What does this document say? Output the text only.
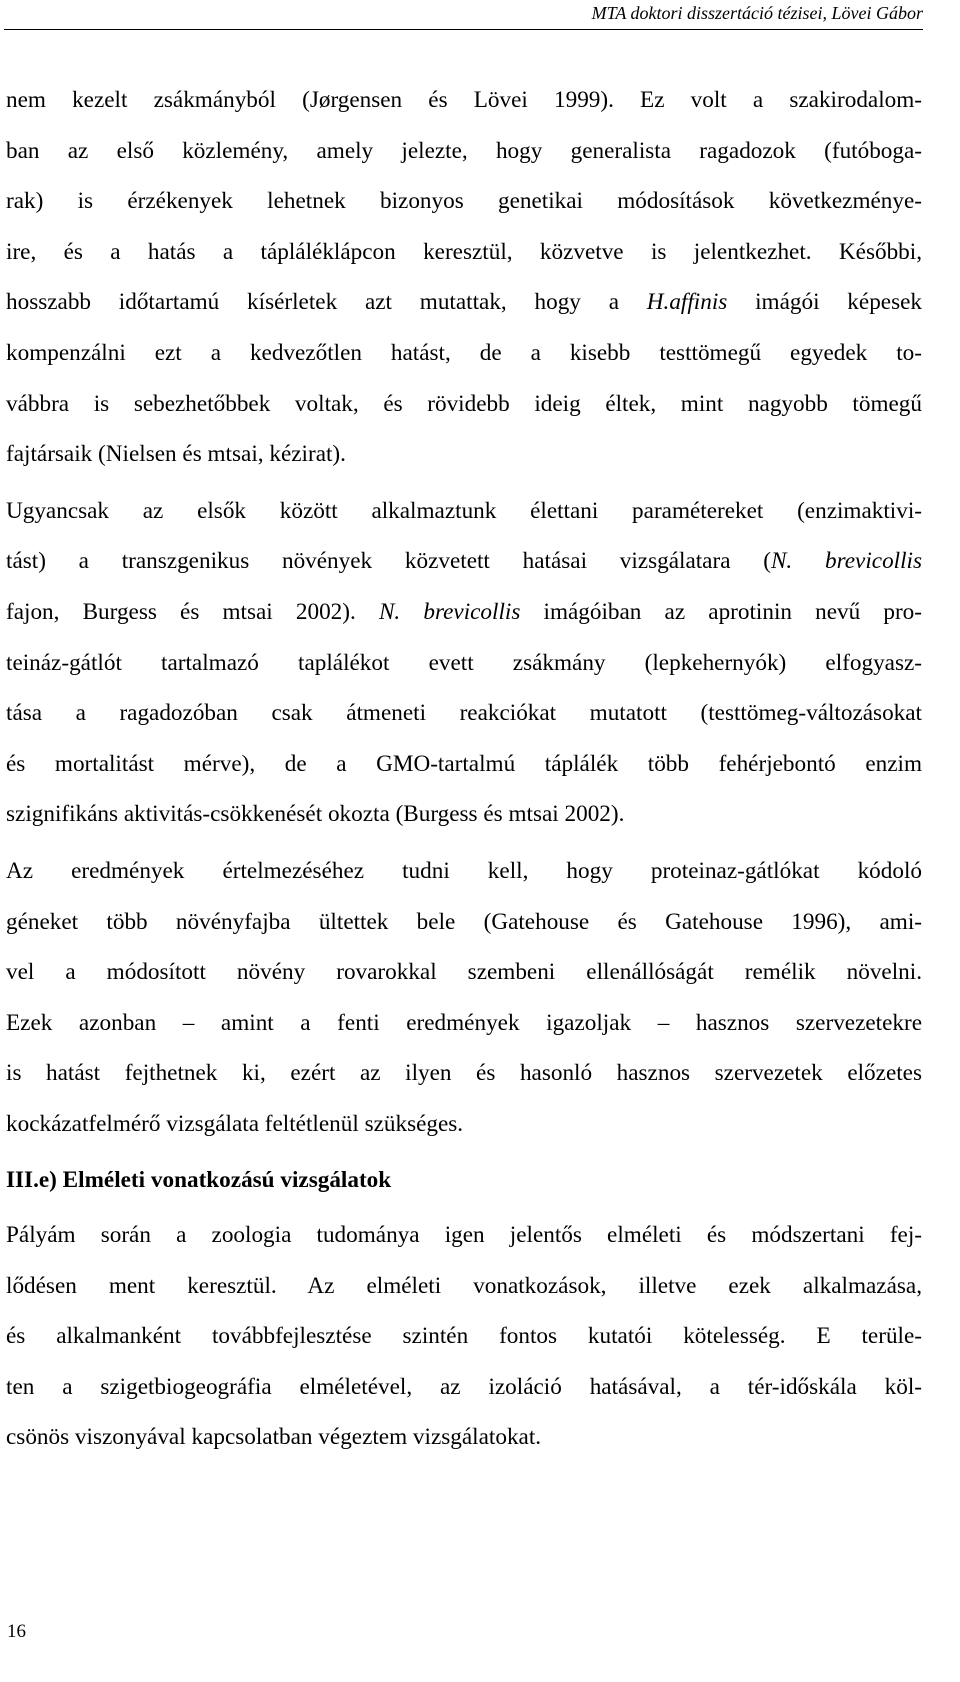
MTA doktori disszertáció tézisei, Lövei Gábor

nem kezelt zsákmányból (Jørgensen és Lövei 1999). Ez volt a szakirodalom-
ban az első közlemény, amely jelezte, hogy generalista ragadozok (futóboga-
rak) is érzékenyek lehetnek bizonyos genetikai módosítások következménye-
ire, és a hatás a tápláléklápcon keresztül, közvetve is jelentkezhet. Későbbi,
hosszabb időtartamú kísérletek azt mutattak, hogy a H.affinis imágói képesek
kompenzálni ezt a kedvezőtlen hatást, de a kisebb testtömegű egyedek to-
vábbra is sebezhetőbbek voltak, és rövidebb ideig éltek, mint nagyobb tömegű
fajtársaik (Nielsen és mtsai, kézirat).

Ugyancsak az elsők között alkalmaztunk élettani paramétereket (enzimaktivi-
tást) a transzgenikus növények közvetett hatásai vizsgálatara (N. brevicollis
fajon, Burgess és mtsai 2002). N. brevicollis imágóiban az aprotinin nevű pro-
teináz-gátlót tartalmazó taplálékot evett zsákmány (lepkehernyók) elfogyasz-
tása a ragadozóban csak átmeneti reakciókat mutatott (testtömeg-változásokat
és mortalitást mérve), de a GMO-tartalmú táplálék több fehérjebontó enzim
szignifikáns aktivitás-csökkenését okozta (Burgess és mtsai 2002).

Az eredmények értelmezéséhez tudni kell, hogy proteinaz-gátlókat kódoló
géneket több növényfajba ültettek bele (Gatehouse és Gatehouse 1996), ami-
vel a módosított növény rovarokkal szembeni ellenállóságát remélik növelni.
Ezek azonban – amint a fenti eredmények igazoljak – hasznos szervezetekre
is hatást fejthetnek ki, ezért az ilyen és hasonló hasznos szervezetek előzetes
kockázatfelmérő vizsgálata feltétlenül szükséges.

III.e) Elméleti vonatkozású vizsgálatok

Pályám során a zoologia tudománya igen jelentős elméleti és módszertani fej-
lődésen ment keresztül. Az elméleti vonatkozások, illetve ezek alkalmazása,
és alkalmanként továbbfejlesztése szintén fontos kutatói kötelesség. E terüle-
ten a szigetbiogeográfia elméletével, az izoláció hatásával, a tér-időskála köl-
csönös viszonyával kapcsolatban végeztem vizsgálatokat.

16
